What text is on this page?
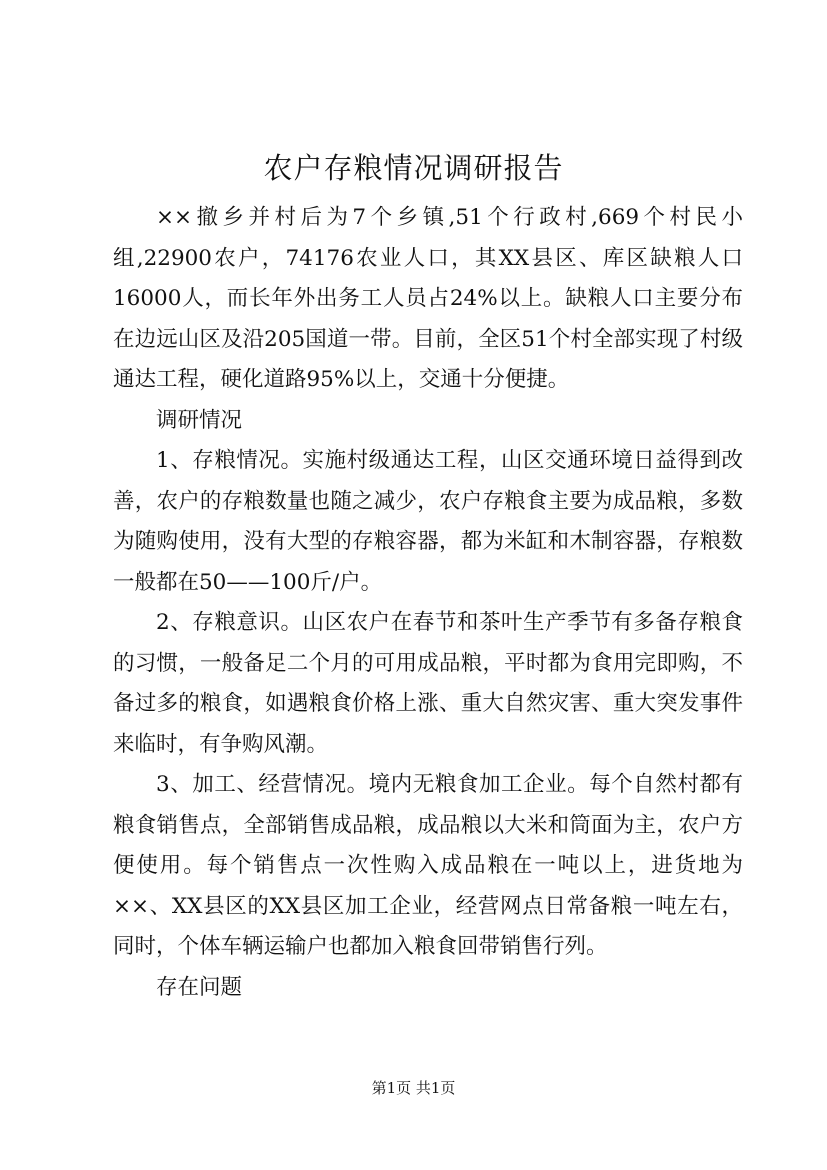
农户存粮情况调研报告

××撤乡并村后为7个乡镇,51个行政村,669个村民小组,22900农户，74176农业人口，其XX县区、库区缺粮人口16000人，而长年外出务工人员占24%以上。缺粮人口主要分布在边远山区及沿205国道一带。目前，全区51个村全部实现了村级通达工程，硬化道路95%以上，交通十分便捷。

调研情况

1、存粮情况。实施村级通达工程，山区交通环境日益得到改善，农户的存粮数量也随之减少，农户存粮食主要为成品粮，多数为随购使用，没有大型的存粮容器，都为米缸和木制容器，存粮数一般都在50——100斤/户。

2、存粮意识。山区农户在春节和茶叶生产季节有多备存粮食的习惯，一般备足二个月的可用成品粮，平时都为食用完即购，不备过多的粮食，如遇粮食价格上涨、重大自然灾害、重大突发事件来临时，有争购风潮。

3、加工、经营情况。境内无粮食加工企业。每个自然村都有粮食销售点，全部销售成品粮，成品粮以大米和筒面为主，农户方便使用。每个销售点一次性购入成品粮在一吨以上，进货地为××、XX县区的XX县区加工企业，经营网点日常备粮一吨左右，同时，个体车辆运输户也都加入粮食回带销售行列。

存在问题

第1页 共1页
